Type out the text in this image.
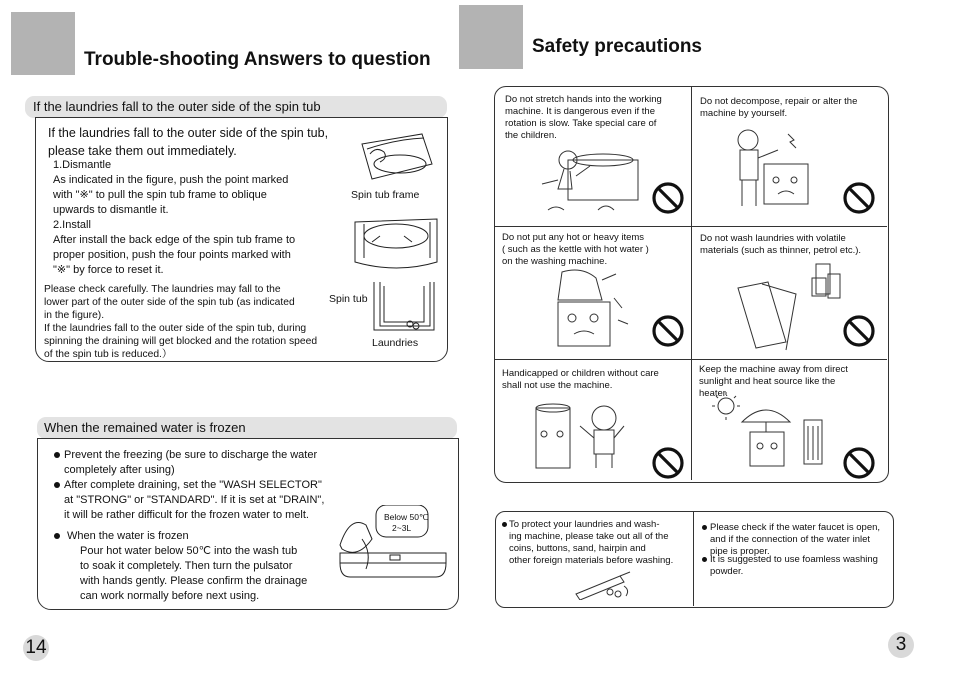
Trouble-shooting Answers to question
If the laundries fall to the outer side of the spin tub
If the laundries fall to the outer side of the spin tub,
please take them out immediately.
1.Dismantle
As indicated in the figure, push the point marked
with "※" to pull the spin tub frame to oblique
upwards to dismantle it.
2.Install
After install the back edge of the spin tub frame to
proper position, push the four points marked with
"※" by force to reset it.
Please check carefully. The laundries may fall to the
lower part of the outer side of the spin tub (as indicated
in the figure).
If the laundries fall to the outer side of the spin tub, during
spinning the draining will get blocked and the rotation speed
of the spin tub is reduced.）
Spin tub frame
Spin tub
Laundries
When the remained water is frozen
Prevent the freezing (be sure to discharge the water
completely after using)
After complete draining, set the "WASH SELECTOR"
at "STRONG" or "STANDARD". If it is set at "DRAIN",
it will be rather difficult for the frozen water to melt.
When the water is frozen
Pour hot water below 50℃ into the wash tub
to soak it completely. Then turn the pulsator
with hands gently. Please confirm the drainage
can work normally before next using.
Below 50℃
2~3L
14
Safety precautions
Do not stretch hands into the working
machine. It is dangerous even if the
rotation is slow. Take special care of
the children.
Do not decompose, repair or alter the
machine by yourself.
Do not put any hot or heavy items
( such as the kettle with hot water )
on the washing machine.
Do not wash laundries with volatile
materials (such as thinner, petrol etc.).
Handicapped or children without care
shall not use the machine.
Keep the machine away from direct
sunlight and heat source like the
heater.
To protect your laundries and wash-
ing machine, please take out all of the
coins, buttons, sand, hairpin and
other foreign materials before washing.
Please check if the water faucet is open,
and if the connection of the water inlet
pipe is proper.
It is suggested to use foamless washing
powder.
3
